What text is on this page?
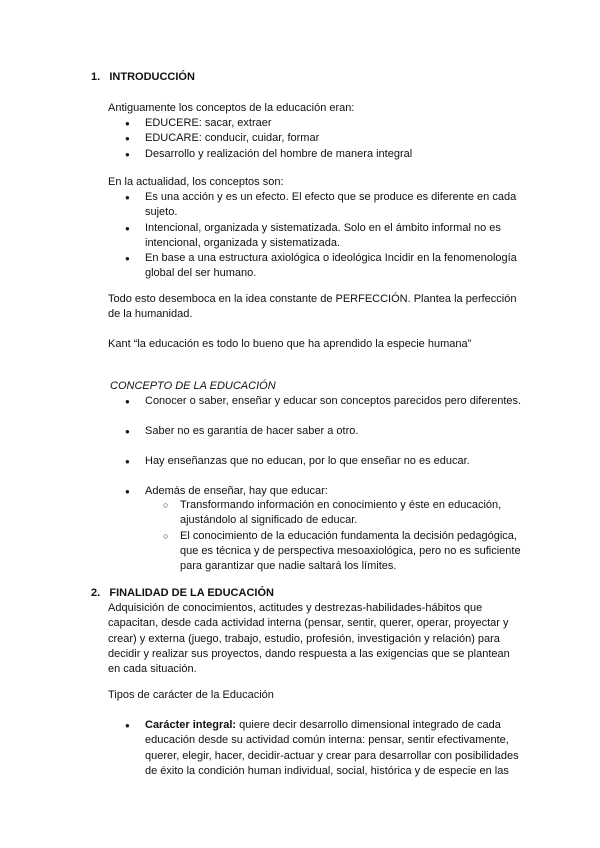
1. INTRODUCCIÓN
Antiguamente los conceptos de la educación eran:
● EDUCERE: sacar, extraer
● EDUCARE: conducir, cuidar, formar
● Desarrollo y realización del hombre de manera integral
En la actualidad, los conceptos son:
● Es una acción y es un efecto. El efecto que se produce es diferente en cada
sujeto.
● Intencional, organizada y sistematizada. Solo en el ámbito informal no es
intencional, organizada y sistematizada.
● En base a una estructura axiológica o ideológica Incidir en la fenomenología
global del ser humano.
Todo esto desemboca en la idea constante de PERFECCIÓN. Plantea la perfección
de la humanidad.
Kant “la educación es todo lo bueno que ha aprendido la especie humana”
CONCEPTO DE LA EDUCACIÓN
● Conocer o saber, enseñar y educar son conceptos parecidos pero diferentes.
● Saber no es garantía de hacer saber a otro.
● Hay enseñanzas que no educan, por lo que enseñar no es educar.
● Además de enseñar, hay que educar:
○ Transformando información en conocimiento y éste en educación,
ajustándolo al significado de educar.
○ El conocimiento de la educación fundamenta la decisión pedagógica,
que es técnica y de perspectiva mesoaxiológica, pero no es suficiente
para garantizar que nadie saltará los límites.
2. FINALIDAD DE LA EDUCACIÓN
Adquisición de conocimientos, actitudes y destrezas-habilidades-hábitos que
capacitan, desde cada actividad interna (pensar, sentir, querer, operar, proyectar y
crear) y externa (juego, trabajo, estudio, profesión, investigación y relación) para
decidir y realizar sus proyectos, dando respuesta a las exigencias que se plantean
en cada situación.
Tipos de carácter de la Educación
● Carácter integral: quiere decir desarrollo dimensional integrado de cada
educación desde su actividad común interna: pensar, sentir efectivamente,
querer, elegir, hacer, decidir-actuar y crear para desarrollar con posibilidades
de éxito la condición human individual, social, histórica y de especie en las
